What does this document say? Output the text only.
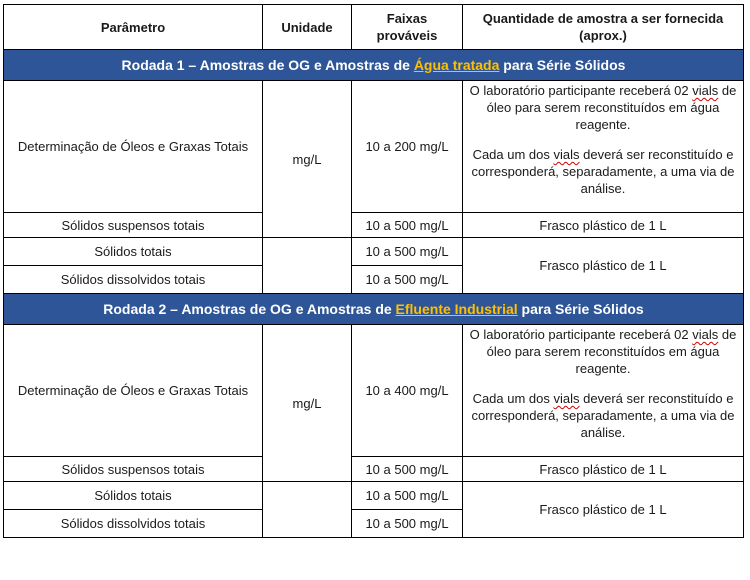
Parâmetro	Unidade	Faixas prováveis	Quantidade de amostra a ser fornecida (aprox.)
Rodada 1 – Amostras de OG e Amostras de Água tratada para Série Sólidos			
Determinação de Óleos e Graxas Totais	mg/L	10 a 200 mg/L	O laboratório participante receberá 02 vials de óleo para serem reconstituídos em água reagente.

Cada um dos vials deverá ser reconstituído e corresponderá, separadamente, a uma via de análise.

Sólidos suspensos totais		10 a 500 mg/L	Frasco plástico de 1 L
Sólidos totais		10 a 500 mg/L	Frasco plástico de 1 L
Sólidos dissolvidos totais		10 a 500 mg/L	
Rodada 2 – Amostras de OG e Amostras de Efluente Industrial para Série Sólidos			
Determinação de Óleos e Graxas Totais	mg/L	10 a 400 mg/L	O laboratório participante receberá 02 vials de óleo para serem reconstituídos em água reagente.

Cada um dos vials deverá ser reconstituído e corresponderá, separadamente, a uma via de análise.

Sólidos suspensos totais		10 a 500 mg/L	Frasco plástico de 1 L
Sólidos totais		10 a 500 mg/L	Frasco plástico de 1 L
Sólidos dissolvidos totais		10 a 500 mg/L	
